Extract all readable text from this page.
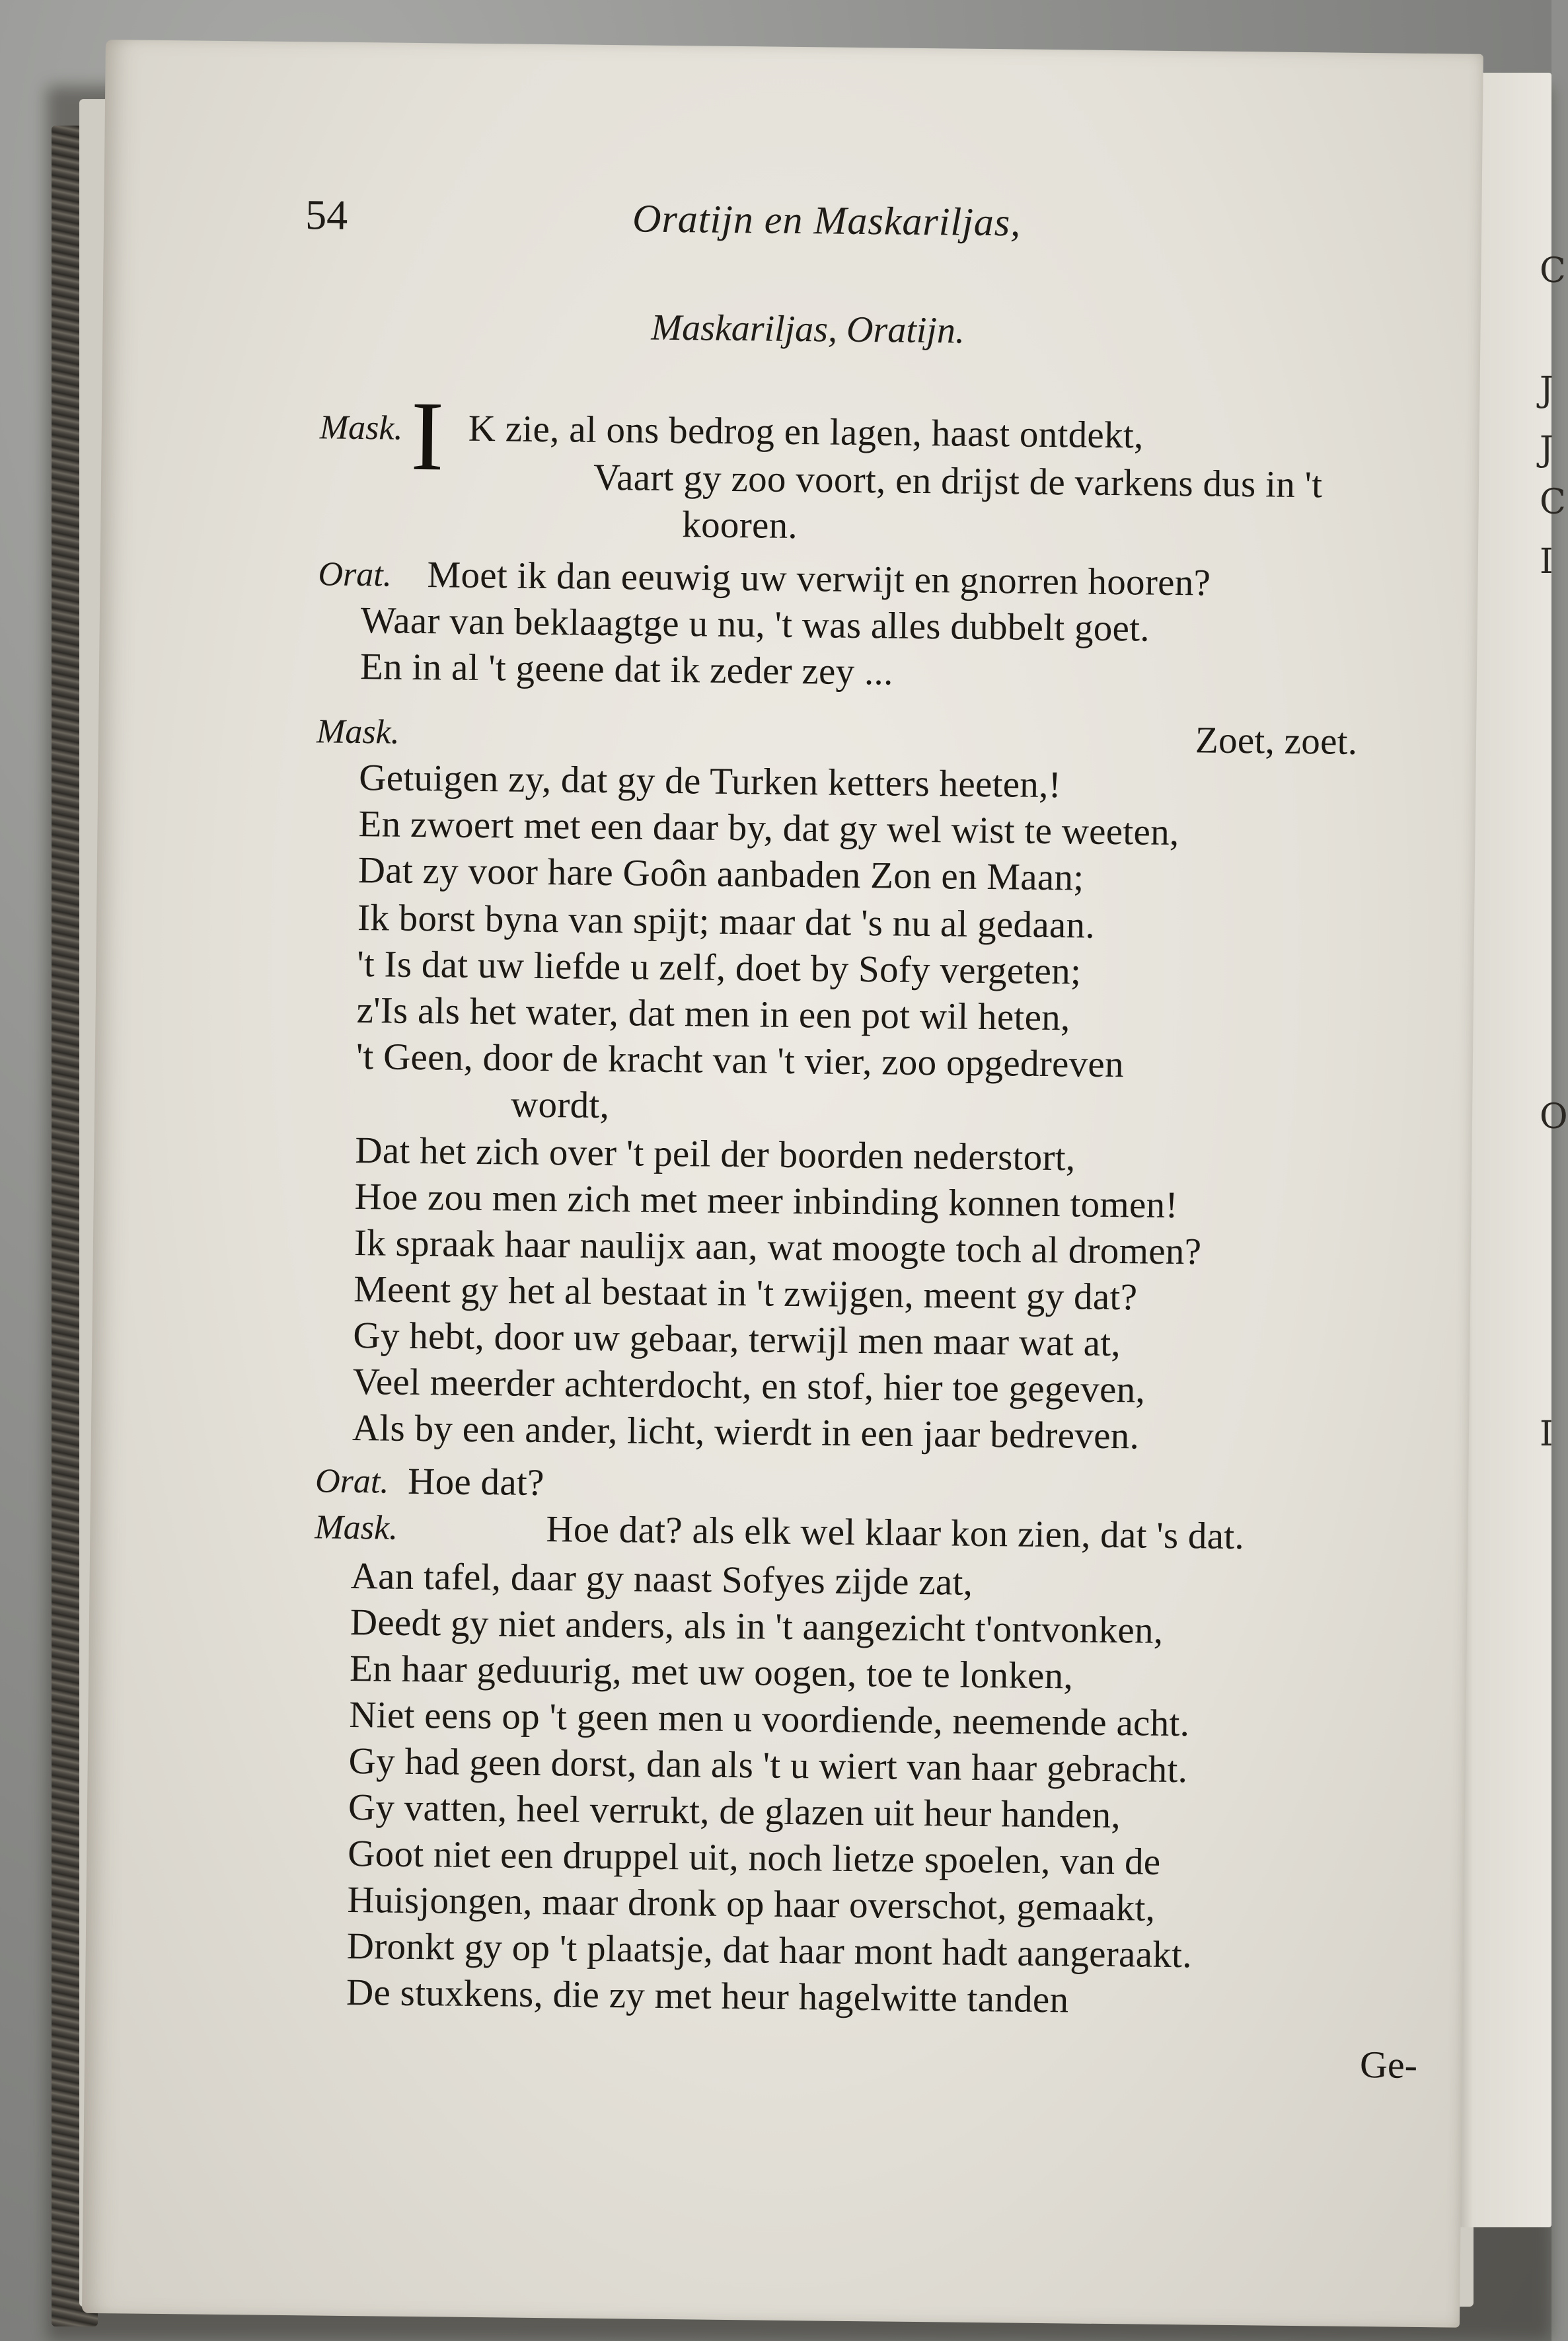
C
J
J
C
I
O
I
54	Oratijn en Maskariljas,
Maskariljas, Oratijn.
I
Mask. K zie, al ons bedrog en lagen, haast ontdekt,
Vaart gy zoo voort, en drijst de varkens dus in 't
kooren.
Orat. Moet ik dan eeuwig uw verwijt en gnorren hooren?
Waar van beklaagtge u nu, 't was alles dubbelt goet.
En in al 't geene dat ik zeder zey ...
Mask.	Zoet, zoet.
Getuigen zy, dat gy de Turken ketters heeten,!
En zwoert met een daar by, dat gy wel wist te weeten,
Dat zy voor hare Goôn aanbaden Zon en Maan;
Ik borst byna van spijt; maar dat 's nu al gedaan.
't Is dat uw liefde u zelf, doet by Sofy vergeten;
z'Is als het water, dat men in een pot wil heten,
't Geen, door de kracht van 't vier, zoo opgedreven
wordt,
Dat het zich over 't peil der boorden nederstort,
Hoe zou men zich met meer inbinding konnen tomen!
Ik spraak haar naulijx aan, wat moogte toch al dromen?
Meent gy het al bestaat in 't zwijgen, meent gy dat?
Gy hebt, door uw gebaar, terwijl men maar wat at,
Veel meerder achterdocht, en stof, hier toe gegeven,
Als by een ander, licht, wierdt in een jaar bedreven.
Orat. Hoe dat?
Mask.	Hoe dat? als elk wel klaar kon zien, dat 's dat.
Aan tafel, daar gy naast Sofyes zijde zat,
Deedt gy niet anders, als in 't aangezicht t'ontvonken,
En haar geduurig, met uw oogen, toe te lonken,
Niet eens op 't geen men u voordiende, neemende acht.
Gy had geen dorst, dan als 't u wiert van haar gebracht.
Gy vatten, heel verrukt, de glazen uit heur handen,
Goot niet een druppel uit, noch lietze spoelen, van de
Huisjongen, maar dronk op haar overschot, gemaakt,
Dronkt gy op 't plaatsje, dat haar mont hadt aangeraakt.
De stuxkens, die zy met heur hagelwitte tanden
Ge-
